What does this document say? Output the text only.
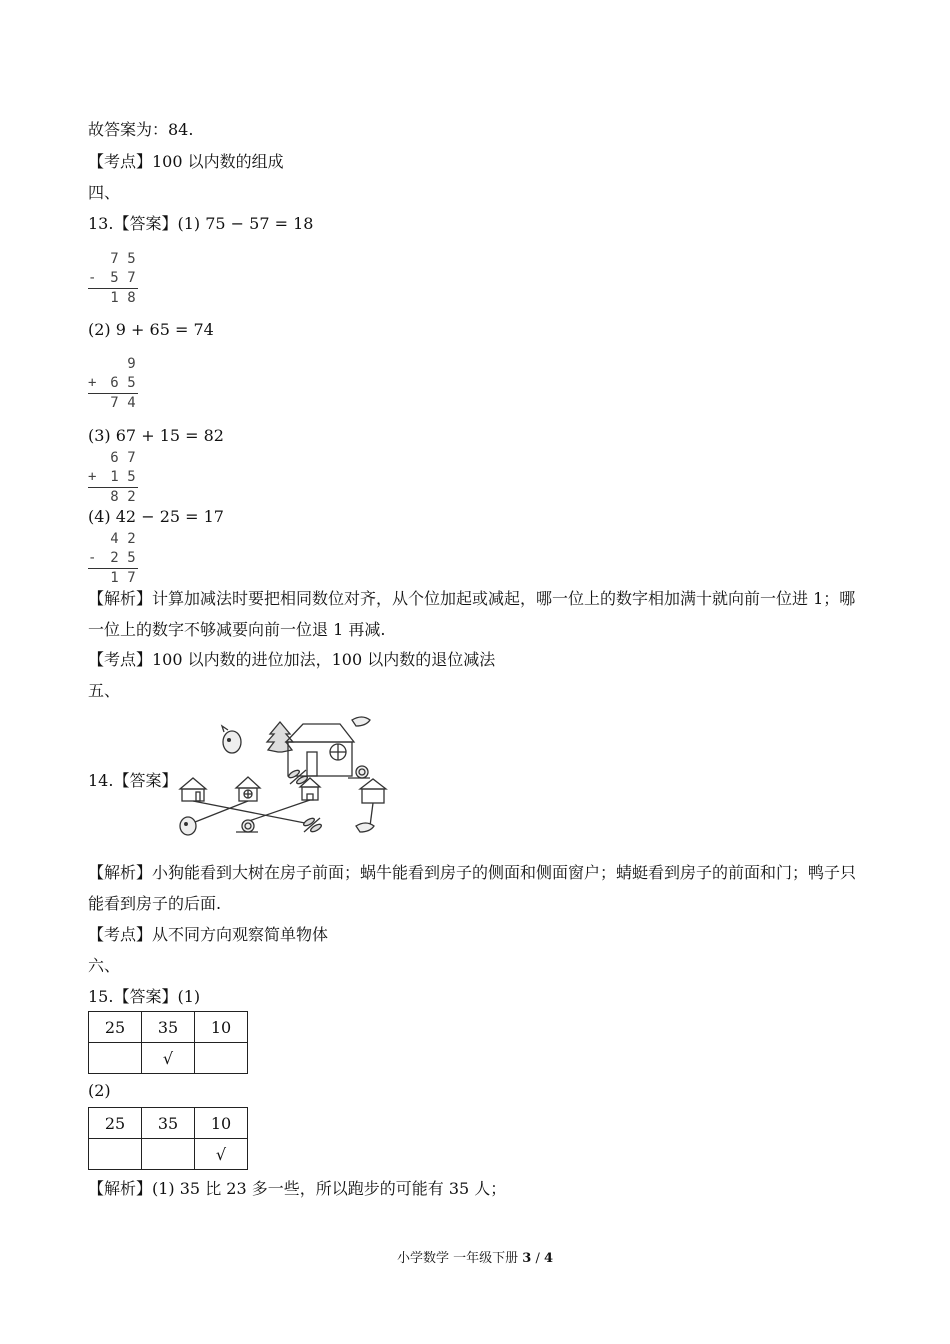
故答案为：84.
【考点】100 以内数的组成
四、
13.【答案】(1) 75 − 57 = 18
7 5
- 5 7
1 8
(2) 9 + 65 = 74
9
+ 6 5
7 4
(3) 67 + 15 = 82
6 7
+ 1 5
8 2
(4) 42 − 25 = 17
4 2
- 2 5
1 7
【解析】计算加减法时要把相同数位对齐，从个位加起或减起，哪一位上的数字相加满十就向前一位进 1；哪一位上的数字不够减要向前一位退 1 再减.
【考点】100 以内数的进位加法，100 以内数的退位减法
五、
14.【答案】
【解析】小狗能看到大树在房子前面；蜗牛能看到房子的侧面和侧面窗户；蜻蜓看到房子的前面和门；鸭子只能看到房子的后面.
【考点】从不同方向观察简单物体
六、
15.【答案】(1)
25	35	10
	√	
(2)
25	35	10
		√
【解析】(1) 35 比 23 多一些，所以跑步的可能有 35 人；
小学数学 一年级下册 3 / 4
